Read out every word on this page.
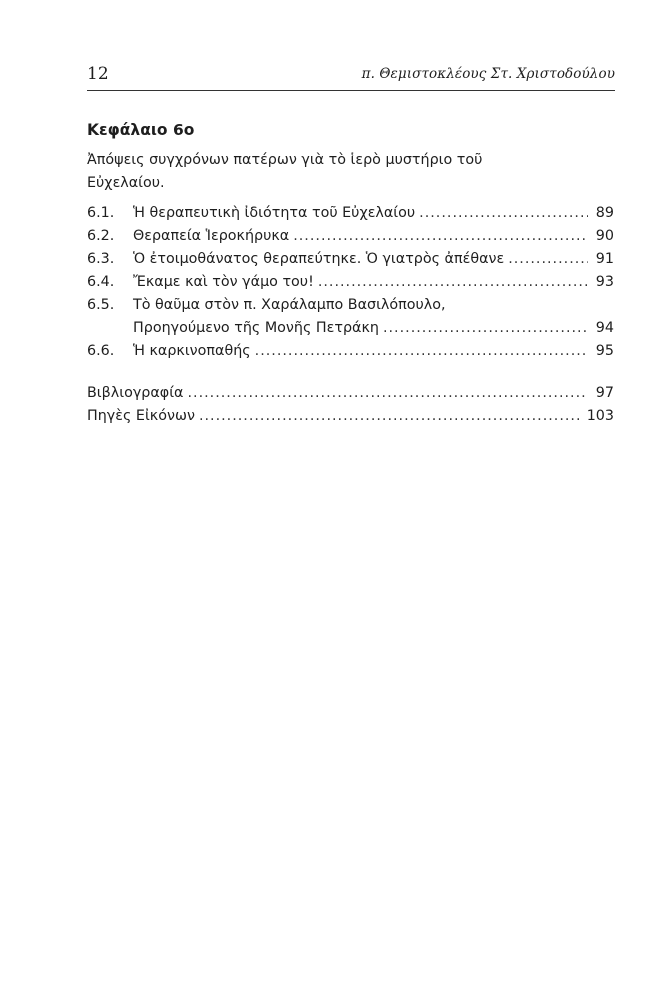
12	π. Θεμιστοκλέους Στ. Χριστοδούλου
Κεφάλαιο 6ο
Ἀπόψεις συγχρόνων πατέρων γιὰ τὸ ἱερὸ μυστήριο τοῦ Εὐχελαίου.
6.1.	Ἡ θεραπευτικὴ ἰδιότητα τοῦ Εὐχελαίου .....	89
6.2.	Θεραπεία Ἱεροκήρυκα .....	90
6.3.	Ὁ ἐτοιμοθάνατος θεραπεύτηκε. Ὁ γιατρὸς ἀπέθανε .....	91
6.4.	Ἔκαμε καὶ τὸν γάμο του! .....	93
6.5.	Τὸ θαῦμα στὸν π. Χαράλαμπο Βασιλόπουλο,
Προηγούμενο τῆς Μονῆς Πετράκη .....	94
6.6.	Ἡ καρκινοπαθής .....	95
Βιβλιογραφία .....	97
Πηγὲς Εἰκόνων .....	103
